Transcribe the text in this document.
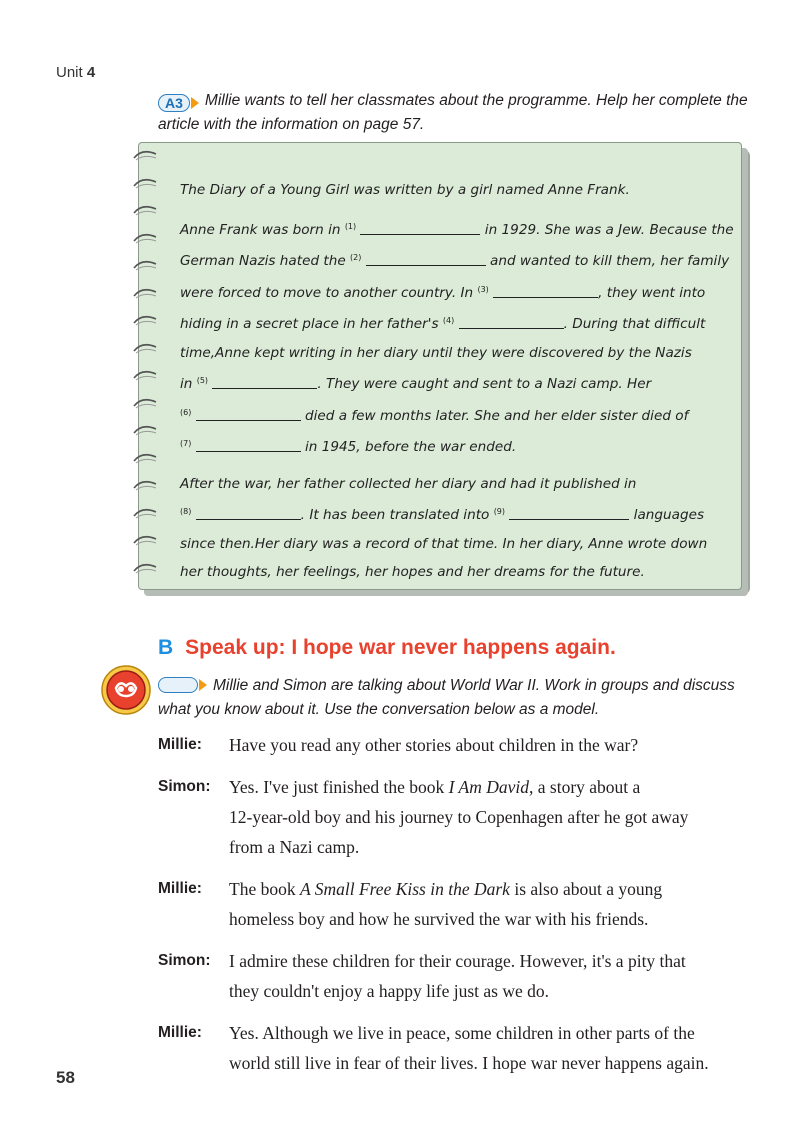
Unit 4
A3	Millie wants to tell her classmates about the programme. Help her complete the article with the information on page 57.

The Diary of a Young Girl was written by a girl named Anne Frank.

Anne Frank was born in $^{(1)}$	in 1929. She was a Jew. Because the

German Nazis hated the $^{(2)}$	and wanted to kill them, her family

were forced to move to another country. In $^{(3)}$	, they went into

hiding in a secret place in her father's $^{(4)}$	. During that difficult

time,Anne kept writing in her diary until they were discovered by the Nazis

in $^{(5)}$	. They were caught and sent to a Nazi camp. Her

$^{(6)}$	died a few months later. She and her elder sister died of

$^{(7)}$	in 1945, before the war ended.

After the war, her father collected her diary and had it published in

$^{(8)}$	. It has been translated into $^{(9)}$	languages

since then.Her diary was a record of that time. In her diary, Anne wrote down

her thoughts, her feelings, her hopes and her dreams for the future.

B Speak up: I hope war never happens again.
Millie and Simon are talking about World War II. Work in groups and discuss what you know about it. Use the conversation below as a model.
Millie:	Have you read any other stories about children in the war?
Simon:	Yes. I've just finished the book I Am David, a story about a
12-year-old boy and his journey to Copenhagen after he got away
from a Nazi camp.
Millie:	The book A Small Free Kiss in the Dark is also about a young
homeless boy and how he survived the war with his friends.
Simon:	I admire these children for their courage. However, it's a pity that
they couldn't enjoy a happy life just as we do.
Millie:	Yes. Although we live in peace, some children in other parts of the
world still live in fear of their lives. I hope war never happens again.
58
